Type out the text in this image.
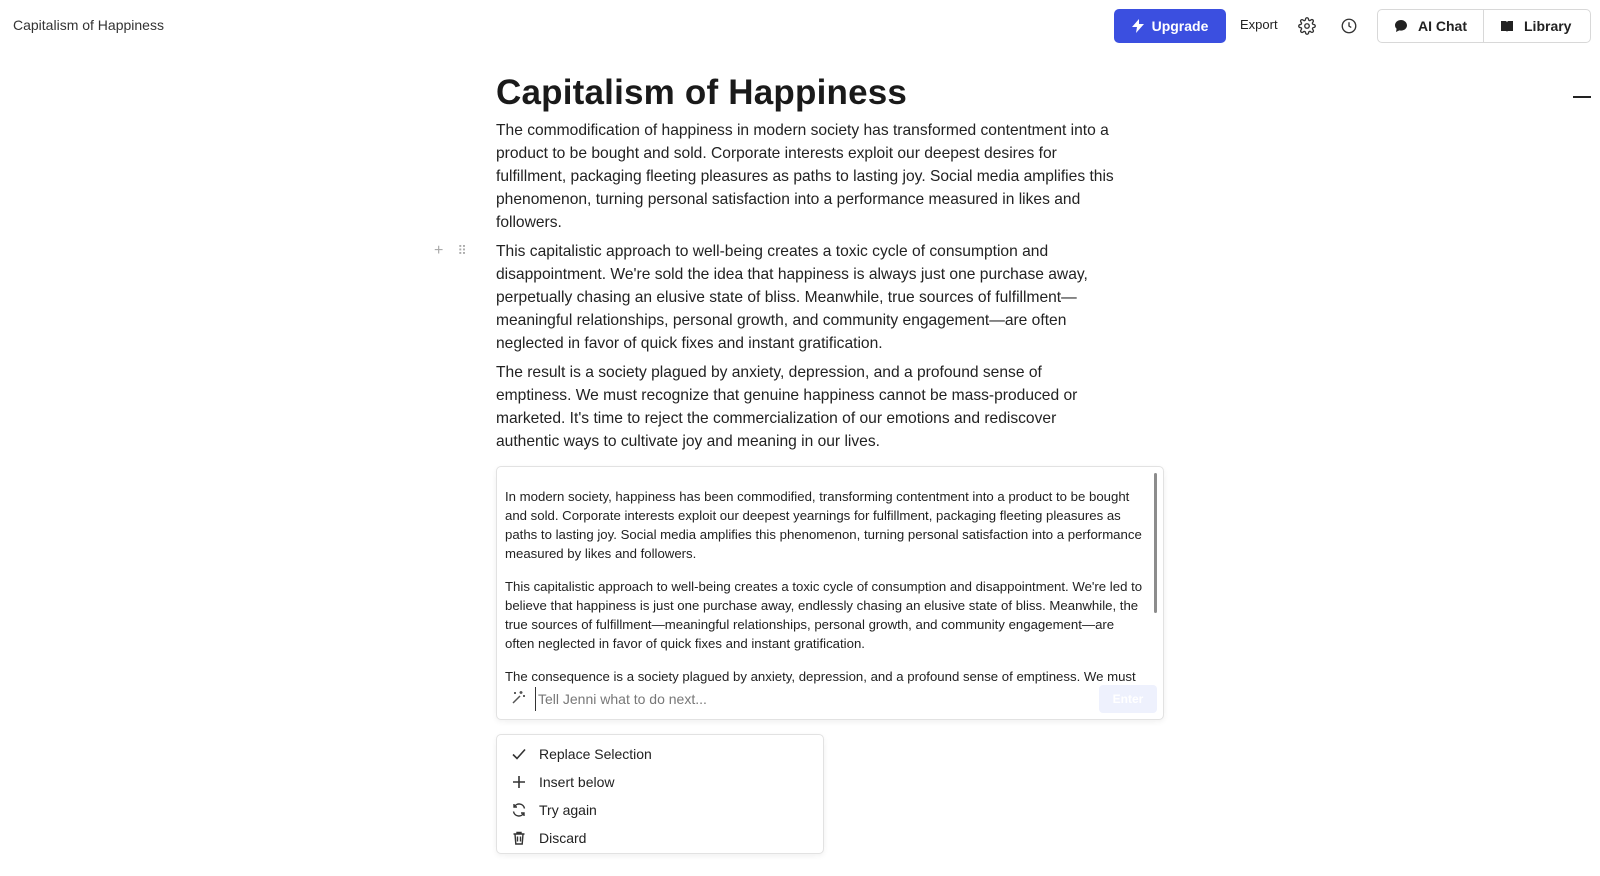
Capitalism of Happiness	Upgrade Export	AI Chat	Library
Capitalism of Happiness

The commodification of happiness in modern society has transformed contentment into a product to be bought and sold. Corporate interests exploit our deepest desires for fulfillment, packaging fleeting pleasures as paths to lasting joy. Social media amplifies this phenomenon, turning personal satisfaction into a performance measured in likes and followers.

+ ⠿ This capitalistic approach to well-being creates a toxic cycle of consumption and disappointment. We're sold the idea that happiness is always just one purchase away, perpetually chasing an elusive state of bliss. Meanwhile, true sources of fulfillment—meaningful relationships, personal growth, and community engagement—are often neglected in favor of quick fixes and instant gratification.

The result is a society plagued by anxiety, depression, and a profound sense of emptiness. We must recognize that genuine happiness cannot be mass-produced or marketed. It's time to reject the commercialization of our emotions and rediscover authentic ways to cultivate joy and meaning in our lives.

In modern society, happiness has been commodified, transforming contentment into a product to be bought and sold. Corporate interests exploit our deepest yearnings for fulfillment, packaging fleeting pleasures as paths to lasting joy. Social media amplifies this phenomenon, turning personal satisfaction into a performance measured by likes and followers.

This capitalistic approach to well-being creates a toxic cycle of consumption and disappointment. We're led to believe that happiness is just one purchase away, endlessly chasing an elusive state of bliss. Meanwhile, the true sources of fulfillment—meaningful relationships, personal growth, and community engagement—are often neglected in favor of quick fixes and instant gratification.

The consequence is a society plagued by anxiety, depression, and a profound sense of emptiness. We must

Tell Jenni what to do next...
Enter
Replace Selection
Insert below
Try again
Discard
